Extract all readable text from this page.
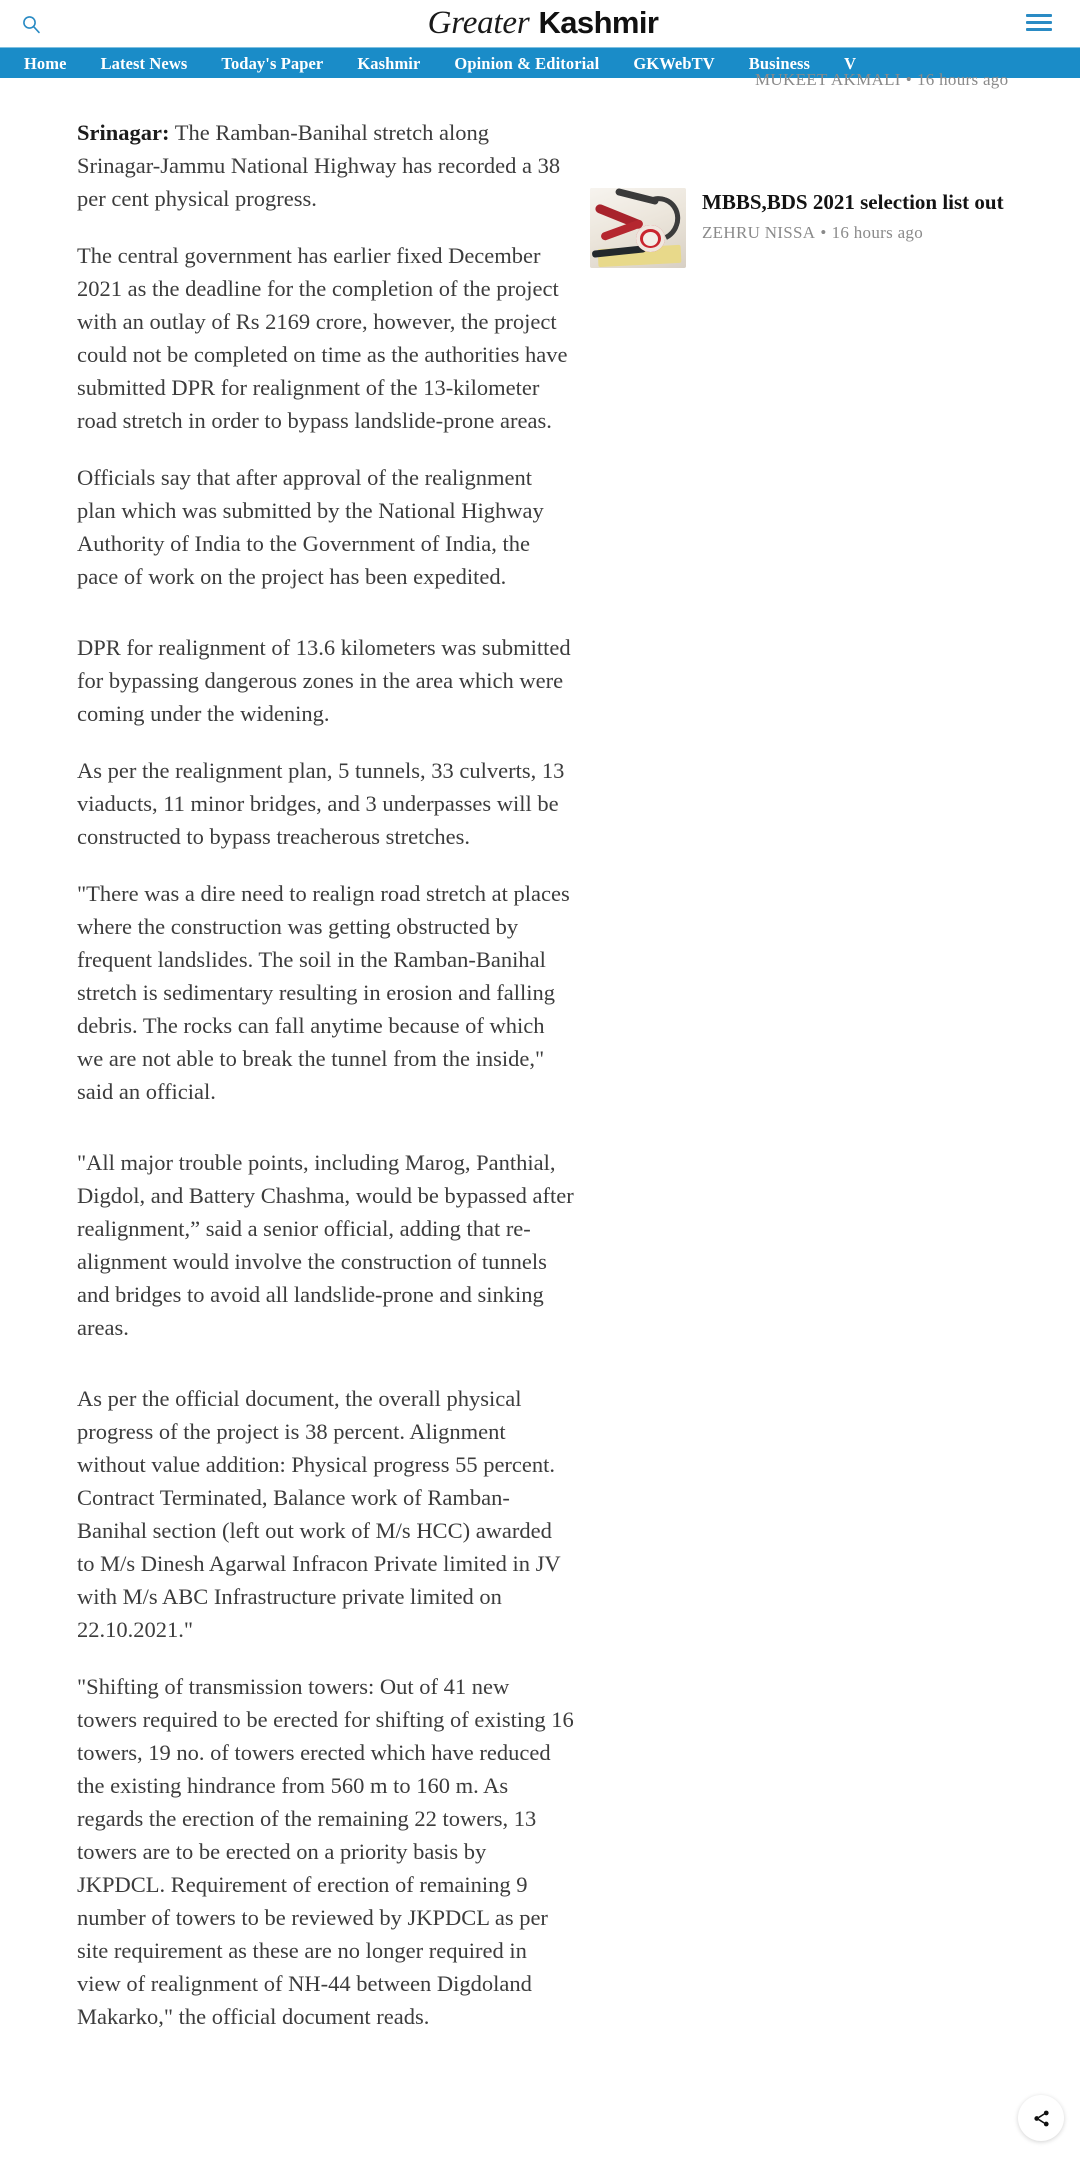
Greater Kashmir
Home Latest News Today's Paper Kashmir Opinion & Editorial GKWebTV Business V

Srinagar: The Ramban-Banihal stretch along Srinagar-Jammu National Highway has recorded a 38 per cent physical progress.

The central government has earlier fixed December 2021 as the deadline for the completion of the project with an outlay of Rs 2169 crore, however, the project could not be completed on time as the authorities have submitted DPR for realignment of the 13-kilometer road stretch in order to bypass landslide-prone areas.

Officials say that after approval of the realignment plan which was submitted by the National Highway Authority of India to the Government of India, the pace of work on the project has been expedited.

DPR for realignment of 13.6 kilometers was submitted for bypassing dangerous zones in the area which were coming under the widening.

As per the realignment plan, 5 tunnels, 33 culverts, 13 viaducts, 11 minor bridges, and 3 underpasses will be constructed to bypass treacherous stretches.

"There was a dire need to realign road stretch at places where the construction was getting obstructed by frequent landslides. The soil in the Ramban-Banihal stretch is sedimentary resulting in erosion and falling debris. The rocks can fall anytime because of which we are not able to break the tunnel from the inside," said an official.

"All major trouble points, including Marog, Panthial, Digdol, and Battery Chashma, would be bypassed after realignment,” said a senior official, adding that re-alignment would involve the construction of tunnels and bridges to avoid all landslide-prone and sinking areas.

As per the official document, the overall physical progress of the project is 38 percent. Alignment without value addition: Physical progress 55 percent. Contract Terminated, Balance work of Ramban-Banihal section (left out work of M/s HCC) awarded to M/s Dinesh Agarwal Infracon Private limited in JV with M/s ABC Infrastructure private limited on 22.10.2021."

"Shifting of transmission towers: Out of 41 new towers required to be erected for shifting of existing 16 towers, 19 no. of towers erected which have reduced the existing hindrance from 560 m to 160 m. As regards the erection of the remaining 22 towers, 13 towers are to be erected on a priority basis by JKPDCL. Requirement of erection of remaining 9 number of towers to be reviewed by JKPDCL as per site requirement as these are no longer required in view of realignment of NH-44 between Digdoland Makarko," the official document reads.

MUKEET AKMALI • 16 hours ago
MBBS,BDS 2021 selection list out
ZEHRU NISSA • 16 hours ago
